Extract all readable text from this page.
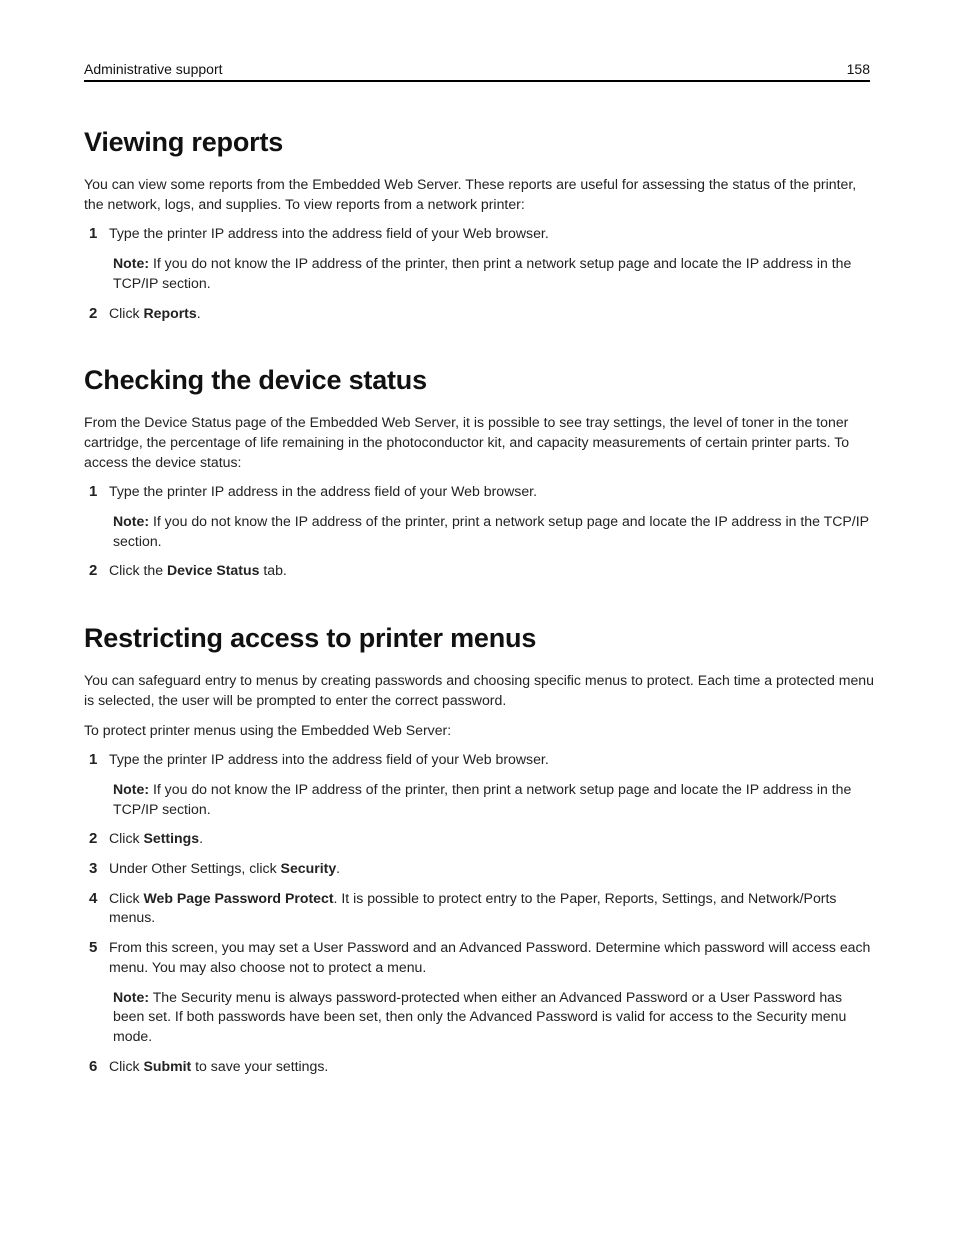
Administrative support	158
Viewing reports

You can view some reports from the Embedded Web Server. These reports are useful for assessing the status of the printer, the network, logs, and supplies. To view reports from a network printer:

1 Type the printer IP address into the address field of your Web browser.
Note: If you do not know the IP address of the printer, then print a network setup page and locate the IP address in the TCP/IP section.
2 Click Reports.
Checking the device status

From the Device Status page of the Embedded Web Server, it is possible to see tray settings, the level of toner in the toner cartridge, the percentage of life remaining in the photoconductor kit, and capacity measurements of certain printer parts. To access the device status:

1 Type the printer IP address in the address field of your Web browser.
Note: If you do not know the IP address of the printer, print a network setup page and locate the IP address in the TCP/IP section.
2 Click the Device Status tab.
Restricting access to printer menus

You can safeguard entry to menus by creating passwords and choosing specific menus to protect. Each time a protected menu is selected, the user will be prompted to enter the correct password.

To protect printer menus using the Embedded Web Server:

1 Type the printer IP address into the address field of your Web browser.
Note: If you do not know the IP address of the printer, then print a network setup page and locate the IP address in the TCP/IP section.
2 Click Settings.
3 Under Other Settings, click Security.
4 Click Web Page Password Protect. It is possible to protect entry to the Paper, Reports, Settings, and Network/Ports menus.
5 From this screen, you may set a User Password and an Advanced Password. Determine which password will access each menu. You may also choose not to protect a menu.
Note: The Security menu is always password-protected when either an Advanced Password or a User Password has been set. If both passwords have been set, then only the Advanced Password is valid for access to the Security menu mode.
6 Click Submit to save your settings.
